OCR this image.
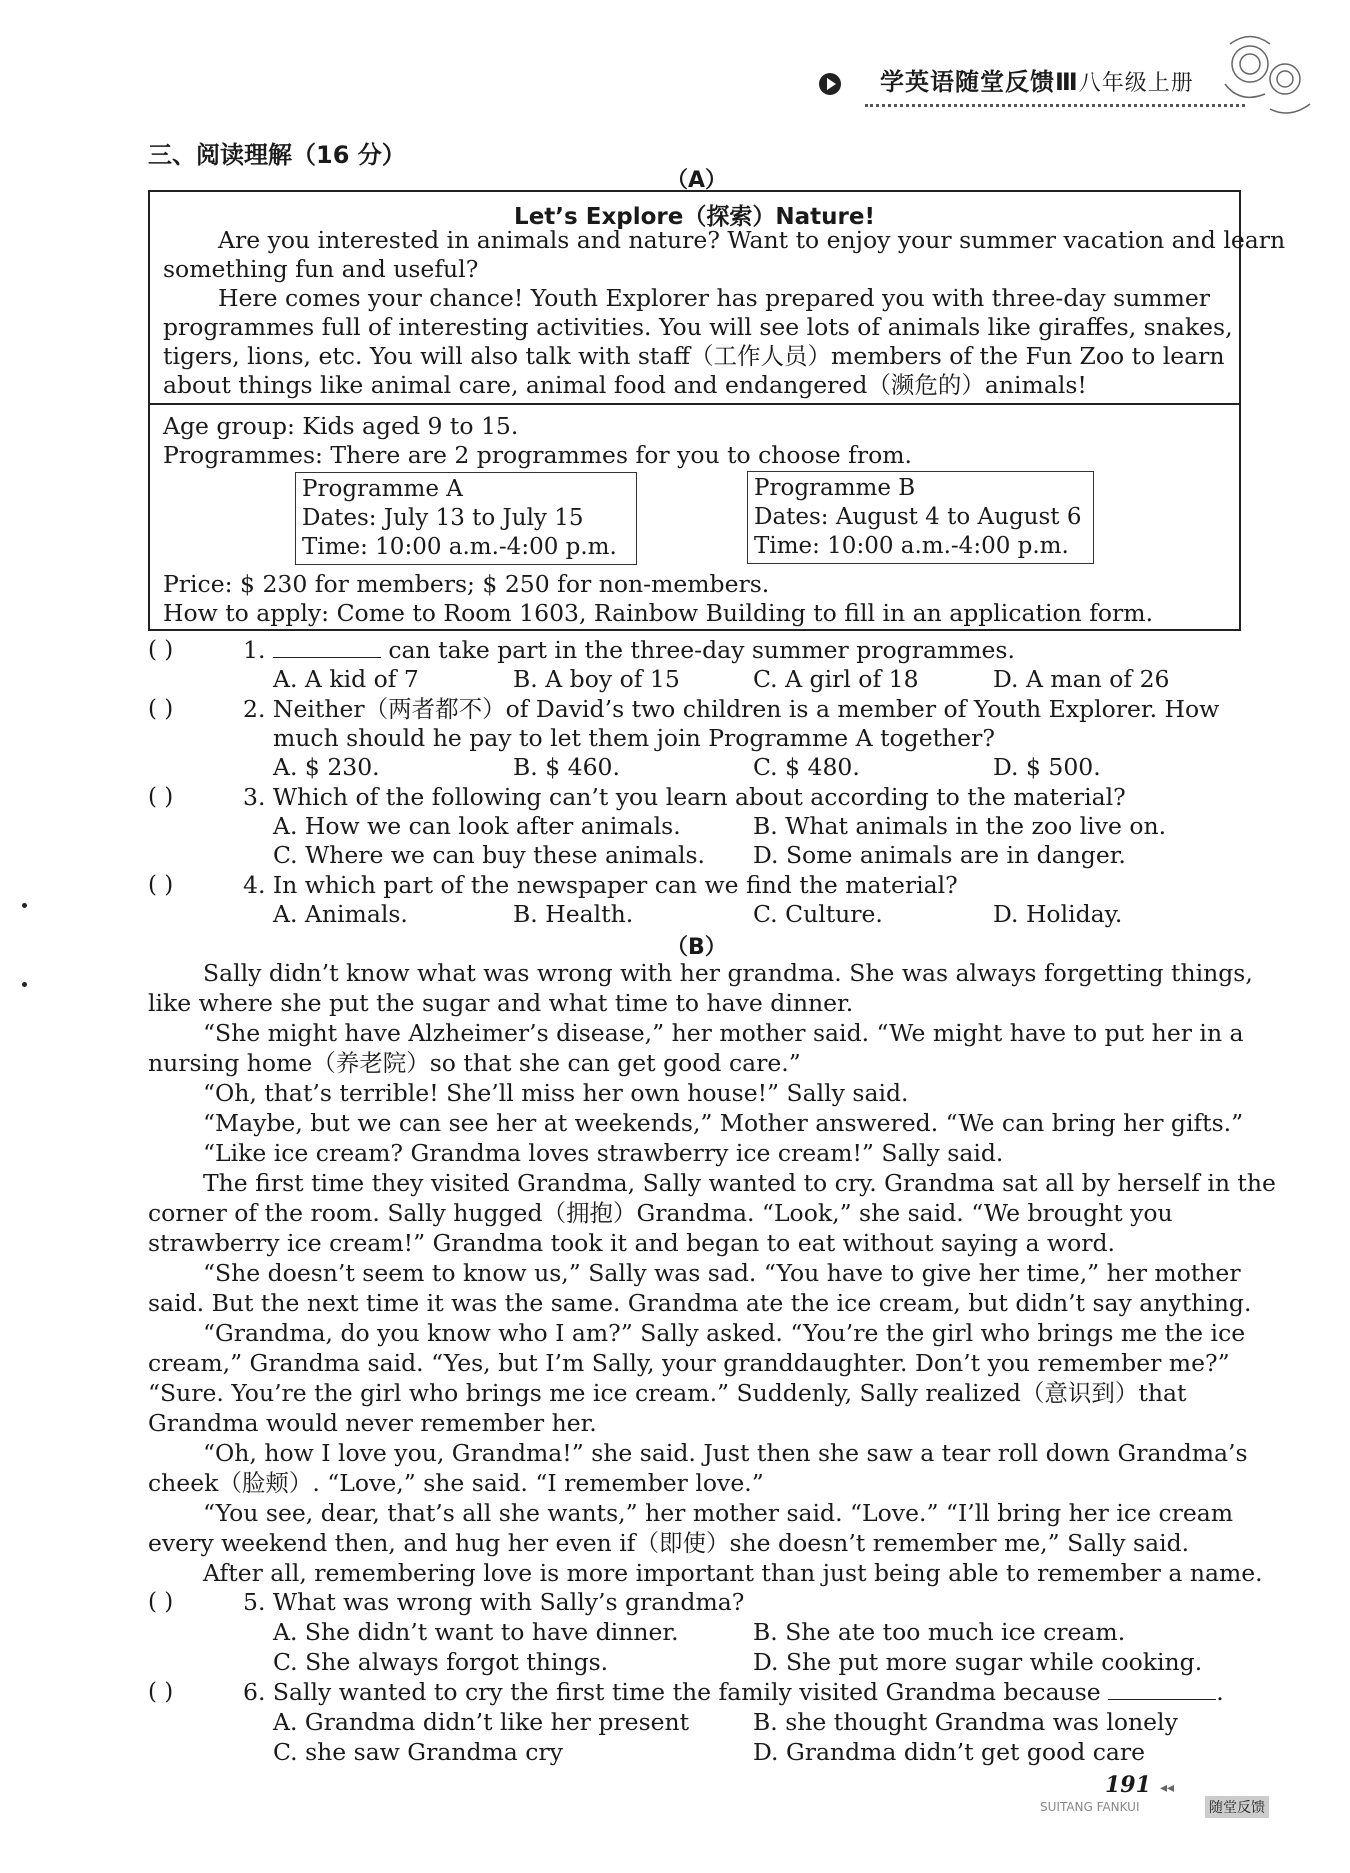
学英语随堂反馈Ⅲ八年级上册
三、阅读理解（16 分）
（A）
Let’s Explore（探索）Nature!
Are you interested in animals and nature? Want to enjoy your summer vacation and learn
something fun and useful?
Here comes your chance! Youth Explorer has prepared you with three-day summer
programmes full of interesting activities. You will see lots of animals like giraffes, snakes,
tigers, lions, etc. You will also talk with staff（工作人员）members of the Fun Zoo to learn
about things like animal care, animal food and endangered（濒危的）animals!
Age group: Kids aged 9 to 15.
Programmes: There are 2 programmes for you to choose from.
Programme A
Dates: July 13 to July 15
Time: 10:00 a.m.-4:00 p.m.
Programme B
Dates: August 4 to August 6
Time: 10:00 a.m.-4:00 p.m.
Price: $ 230 for members; $ 250 for non-members.
How to apply: Come to Room 1603, Rainbow Building to fill in an application form.
( )	1.	can take part in the three-day summer programmes.
A. A kid of 7	B. A boy of 15	C. A girl of 18	D. A man of 26
( )	2. Neither（两者都不）of David’s two children is a member of Youth Explorer. How
much should he pay to let them join Programme A together?
A. $ 230.	B. $ 460.	C. $ 480.	D. $ 500.
( )	3. Which of the following can’t you learn about according to the material?
A. How we can look after animals.	B. What animals in the zoo live on.
C. Where we can buy these animals. D. Some animals are in danger.
( )	4. In which part of the newspaper can we find the material?
A. Animals.	B. Health.	C. Culture.	D. Holiday.
（B）
Sally didn’t know what was wrong with her grandma. She was always forgetting things,
like where she put the sugar and what time to have dinner.
“She might have Alzheimer’s disease,” her mother said. “We might have to put her in a
nursing home（养老院）so that she can get good care.”
“Oh, that’s terrible! She’ll miss her own house!” Sally said.
“Maybe, but we can see her at weekends,” Mother answered. “We can bring her gifts.”
“Like ice cream? Grandma loves strawberry ice cream!” Sally said.
The first time they visited Grandma, Sally wanted to cry. Grandma sat all by herself in the
corner of the room. Sally hugged（拥抱）Grandma. “Look,” she said. “We brought you
strawberry ice cream!” Grandma took it and began to eat without saying a word.
“She doesn’t seem to know us,” Sally was sad. “You have to give her time,” her mother
said. But the next time it was the same. Grandma ate the ice cream, but didn’t say anything.
“Grandma, do you know who I am?” Sally asked. “You’re the girl who brings me the ice
cream,” Grandma said. “Yes, but I’m Sally, your granddaughter. Don’t you remember me?”
“Sure. You’re the girl who brings me ice cream.” Suddenly, Sally realized（意识到）that
Grandma would never remember her.
“Oh, how I love you, Grandma!” she said. Just then she saw a tear roll down Grandma’s
cheek（脸颊）. “Love,” she said. “I remember love.”
“You see, dear, that’s all she wants,” her mother said. “Love.” “I’ll bring her ice cream
every weekend then, and hug her even if（即使）she doesn’t remember me,” Sally said.
After all, remembering love is more important than just being able to remember a name.
( )	5. What was wrong with Sally’s grandma?
A. She didn’t want to have dinner.	B. She ate too much ice cream.
C. She always forgot things.	D. She put more sugar while cooking.
( )	6. Sally wanted to cry the first time the family visited Grandma because	.
A. Grandma didn’t like her present	B. she thought Grandma was lonely
C. she saw Grandma cry	D. Grandma didn’t get good care
191 ◂◂
SUITANG FANKUI	随堂反馈
